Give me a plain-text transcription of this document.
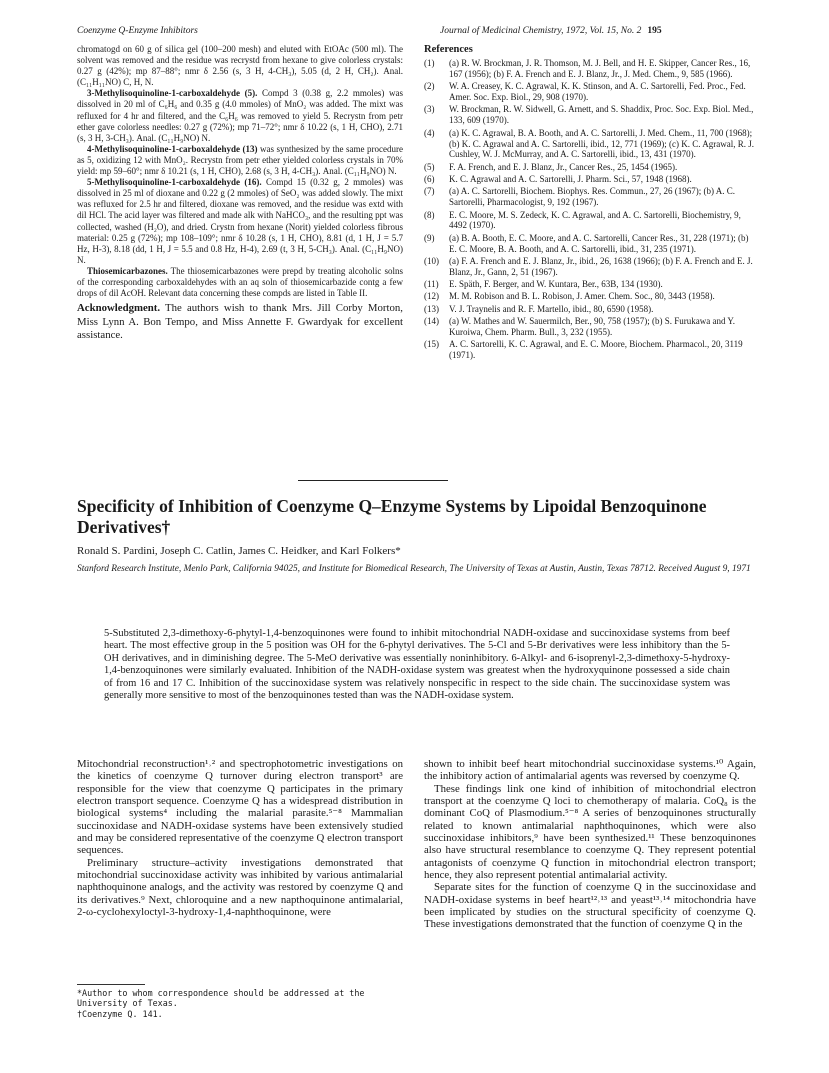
Coenzyme Q-Enzyme Inhibitors	Journal of Medicinal Chemistry, 1972, Vol. 15, No. 2 195

chromatogd on 60 g of silica gel (100–200 mesh) and eluted with EtOAc (500 ml). The solvent was removed and the residue was recrystd from hexane to give colorless crystals: 0.27 g (42%); mp 87–88°; nmr δ 2.56 (s, 3 H, 4-CH₃), 5.05 (d, 2 H, CH₂). Anal. (C₁₁H₁₁NO) C, H, N.

3-Methylisoquinoline-1-carboxaldehyde (5). Compd 3 (0.38 g, 2.2 mmoles) was dissolved in 20 ml of C₆H₆ and 0.35 g (4.0 mmoles) of MnO₂ was added. The mixt was refluxed for 4 hr and filtered, and the C₆H₆ was removed to yield 5. Recrystn from petr ether gave colorless needles: 0.27 g (72%); mp 71–72°; nmr δ 10.22 (s, 1 H, CHO), 2.71 (s, 3 H, 3-CH₃). Anal. (C₁₁H₉NO) N.

4-Methylisoquinoline-1-carboxaldehyde (13) was synthesized by the same procedure as 5, oxidizing 12 with MnO₂. Recrystn from petr ether yielded colorless crystals in 70% yield: mp 59–60°; nmr δ 10.21 (s, 1 H, CHO), 2.68 (s, 3 H, 4-CH₃). Anal. (C₁₁H₉NO) N.

5-Methylisoquinoline-1-carboxaldehyde (16). Compd 15 (0.32 g, 2 mmoles) was dissolved in 25 ml of dioxane and 0.22 g (2 mmoles) of SeO₂ was added slowly. The mixt was refluxed for 2.5 hr and filtered, dioxane was removed, and the residue was extd with dil HCl. The acid layer was filtered and made alk with NaHCO₃, and the resulting ppt was collected, washed (H₂O), and dried. Crystn from hexane (Norit) yielded colorless fibrous material: 0.25 g (72%); mp 108–109°; nmr δ 10.28 (s, 1 H, CHO), 8.81 (d, 1 H, J = 5.7 Hz, H-3), 8.18 (dd, 1 H, J = 5.5 and 0.8 Hz, H-4), 2.69 (t, 3 H, 5-CH₃). Anal. (C₁₁H₉NO) N.

Thiosemicarbazones. The thiosemicarbazones were prepd by treating alcoholic solns of the corresponding carboxaldehydes with an aq soln of thiosemicarbazide contg a few drops of dil AcOH. Relevant data concerning these compds are listed in Table II.

Acknowledgment. The authors wish to thank Mrs. Jill Corby Morton, Miss Lynn A. Bon Tempo, and Miss Annette F. Gwardyak for excellent assistance.
References
(1) (a) R. W. Brockman, J. R. Thomson, M. J. Bell, and H. E. Skipper, Cancer Res., 16, 167 (1956); (b) F. A. French and E. J. Blanz, Jr., J. Med. Chem., 9, 585 (1966).
(2) W. A. Creasey, K. C. Agrawal, K. K. Stinson, and A. C. Sartorelli, Fed. Proc., Fed. Amer. Soc. Exp. Biol., 29, 908 (1970).
(3) W. Brockman, R. W. Sidwell, G. Arnett, and S. Shaddix, Proc. Soc. Exp. Biol. Med., 133, 609 (1970).
(4) (a) K. C. Agrawal, B. A. Booth, and A. C. Sartorelli, J. Med. Chem., 11, 700 (1968); (b) K. C. Agrawal and A. C. Sartorelli, ibid., 12, 771 (1969); (c) K. C. Agrawal, R. J. Cushley, W. J. McMurray, and A. C. Sartorelli, ibid., 13, 431 (1970).
(5) F. A. French, and E. J. Blanz, Jr., Cancer Res., 25, 1454 (1965).
(6) K. C. Agrawal and A. C. Sartorelli, J. Pharm. Sci., 57, 1948 (1968).
(7) (a) A. C. Sartorelli, Biochem. Biophys. Res. Commun., 27, 26 (1967); (b) A. C. Sartorelli, Pharmacologist, 9, 192 (1967).
(8) E. C. Moore, M. S. Zedeck, K. C. Agrawal, and A. C. Sartorelli, Biochemistry, 9, 4492 (1970).
(9) (a) B. A. Booth, E. C. Moore, and A. C. Sartorelli, Cancer Res., 31, 228 (1971); (b) E. C. Moore, B. A. Booth, and A. C. Sartorelli, ibid., 31, 235 (1971).
(10) (a) F. A. French and E. J. Blanz, Jr., ibid., 26, 1638 (1966); (b) F. A. French and E. J. Blanz, Jr., Gann, 2, 51 (1967).
(11) E. Späth, F. Berger, and W. Kuntara, Ber., 63B, 134 (1930).
(12) M. M. Robison and B. L. Robison, J. Amer. Chem. Soc., 80, 3443 (1958).
(13) V. J. Traynelis and R. F. Martello, ibid., 80, 6590 (1958).
(14) (a) W. Mathes and W. Sauermilch, Ber., 90, 758 (1957); (b) S. Furukawa and Y. Kuroiwa, Chem. Pharm. Bull., 3, 232 (1955).
(15) A. C. Sartorelli, K. C. Agrawal, and E. C. Moore, Biochem. Pharmacol., 20, 3119 (1971).
Specificity of Inhibition of Coenzyme Q–Enzyme Systems by Lipoidal Benzoquinone Derivatives†
Ronald S. Pardini, Joseph C. Catlin, James C. Heidker, and Karl Folkers*
Stanford Research Institute, Menlo Park, California 94025, and Institute for Biomedical Research, The University of Texas at Austin, Austin, Texas 78712. Received August 9, 1971
5-Substituted 2,3-dimethoxy-6-phytyl-1,4-benzoquinones were found to inhibit mitochondrial NADH-oxidase and succinoxidase systems from beef heart. The most effective group in the 5 position was OH for the 6-phytyl derivatives. The 5-Cl and 5-Br derivatives were less inhibitory than the 5-OH derivatives, and in diminishing degree. The 5-MeO derivative was essentially noninhibitory. 6-Alkyl- and 6-isoprenyl-2,3-dimethoxy-5-hydroxy-1,4-benzoquinones were similarly evaluated. Inhibition of the NADH-oxidase system was greatest when the hydroxyquinone possessed a side chain of from 16 and 17 C. Inhibition of the succinoxidase system was relatively nonspecific in respect to the side chain. The succinoxidase system was generally more sensitive to most of the benzoquinones tested than was the NADH-oxidase system.

Mitochondrial reconstruction¹˒² and spectrophotometric investigations on the kinetics of coenzyme Q turnover during electron transport³ are responsible for the view that coenzyme Q participates in the primary electron transport sequence. Coenzyme Q has a widespread distribution in biological systems⁴ including the malarial parasite.⁵⁻⁸ Mammalian succinoxidase and NADH-oxidase systems have been extensively studied and may be considered representative of the coenzyme Q electron transport sequences.

Preliminary structure–activity investigations demonstrated that mitochondrial succinoxidase activity was inhibited by various antimalarial naphthoquinone analogs, and the activity was restored by coenzyme Q and its derivatives.⁹ Next, chloroquine and a new napthoquinone antimalarial, 2-ω-cyclohexyloctyl-3-hydroxy-1,4-naphthoquinone, were

shown to inhibit beef heart mitochondrial succinoxidase systems.¹⁰ Again, the inhibitory action of antimalarial agents was reversed by coenzyme Q.

These findings link one kind of inhibition of mitochondrial electron transport at the coenzyme Q loci to chemotherapy of malaria. CoQ₈ is the dominant CoQ of Plasmodium.⁵⁻⁸ A series of benzoquinones structurally related to known antimalarial naphthoquinones, which were also succinoxidase inhibitors,⁹ have been synthesized.¹¹ These benzoquinones also have structural resemblance to coenzyme Q. They represent potential antagonists of coenzyme Q function in mitochondrial electron transport; hence, they also represent potential antimalarial activity.

Separate sites for the function of coenzyme Q in the succinoxidase and NADH-oxidase systems in beef heart¹²˒¹³ and yeast¹³˒¹⁴ mitochondria have been implicated by studies on the structural specificity of coenzyme Q. These investigations demonstrated that the function of coenzyme Q in the

*Author to whom correspondence should be addressed at the University of Texas.

†Coenzyme Q. 141.
